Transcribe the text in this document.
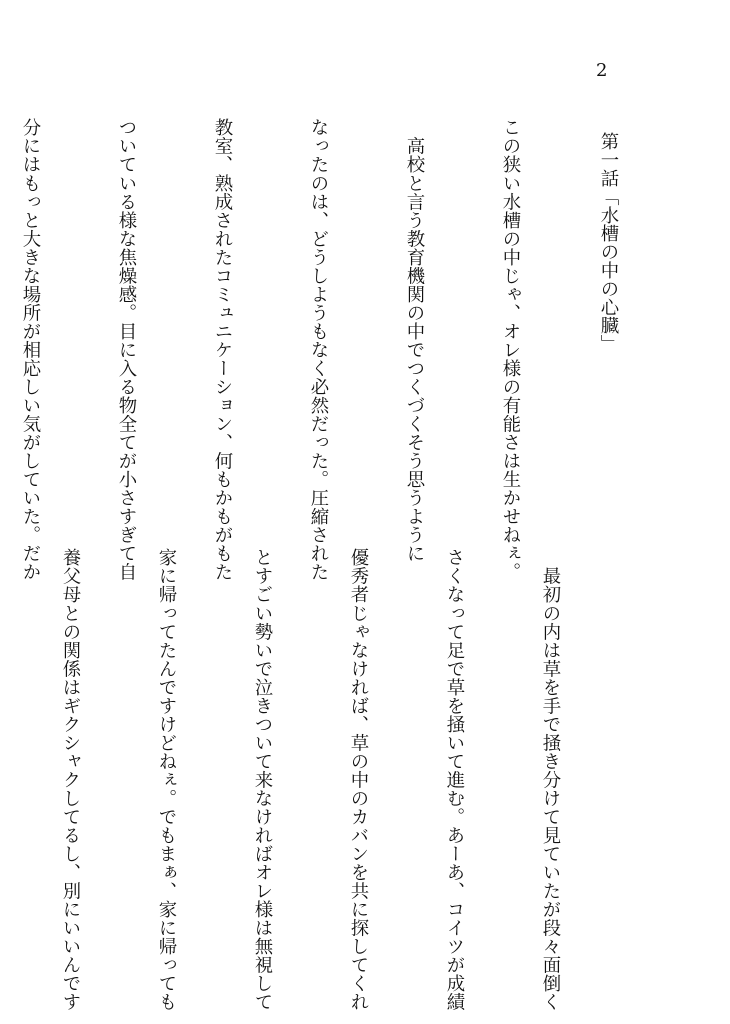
2
第一話「水槽の中の心臓」

この狭い水槽の中じゃ、オレ様の有能さは生かせねぇ。

　高校と言う教育機関の中でつくづくそう思うように

なったのは、どうしようもなく必然だった。圧縮された

教室、熟成されたコミュニケーション、何もかもがもた

ついている様な焦燥感。目に入る物全てが小さすぎて自

分にはもっと大きな場所が相応しい気がしていた。だか

　最初の内は草を手で掻き分けて見ていたが段々面倒く

さくなって足で草を掻いて進む。あーあ、コイツが成績

優秀者じゃなければ、草の中のカバンを共に探してくれ

とすごい勢いで泣きついて来なければオレ様は無視して

家に帰ってたんですけどねぇ。でもまぁ、家に帰っても

養父母との関係はギクシャクしてるし、別にいいんです
